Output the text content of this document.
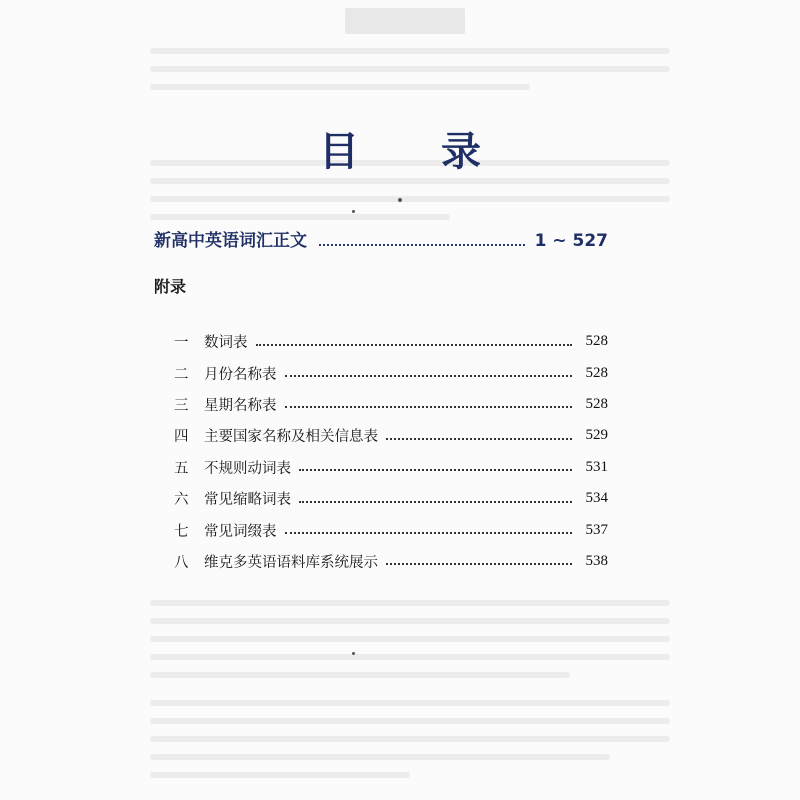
目 录
新高中英语词汇正文	1 ~ 527
附录
一	数词表	528
二	月份名称表	528
三	星期名称表	528
四	主要国家名称及相关信息表	529
五	不规则动词表	531
六	常见缩略词表	534
七	常见词缀表	537
八	维克多英语语料库系统展示	538
